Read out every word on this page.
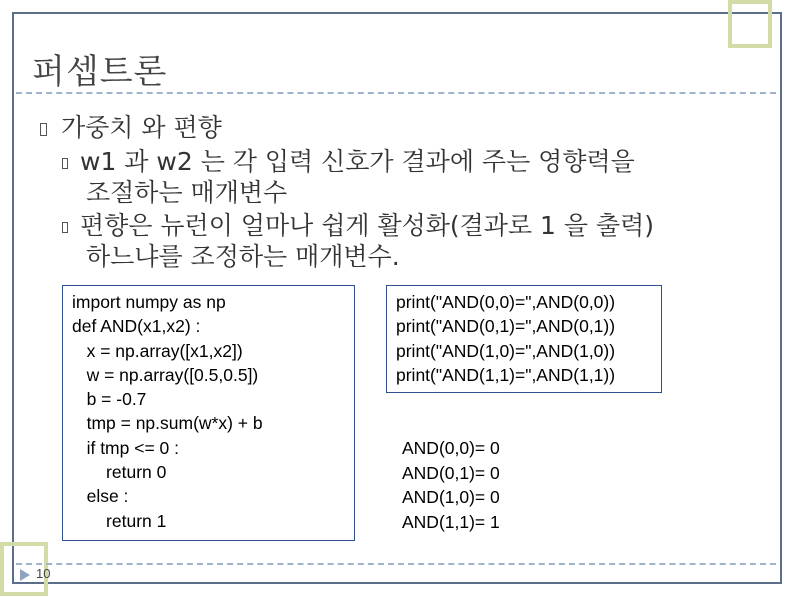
퍼셉트론
가중치 와 편향
w1 과 w2 는 각 입력 신호가 결과에 주는 영향력을
조절하는 매개변수
편향은 뉴런이 얼마나 쉽게 활성화(결과로 1 을 출력)
하느냐를 조정하는 매개변수.
import numpy as np
def AND(x1,x2) :
x = np.array([x1,x2])
w = np.array([0.5,0.5])
b = -0.7
tmp = np.sum(w*x) + b
if tmp <= 0 :
return 0
else :
return 1
print("AND(0,0)=",AND(0,0))
print("AND(0,1)=",AND(0,1))
print("AND(1,0)=",AND(1,0))
print("AND(1,1)=",AND(1,1))
AND(0,0)= 0
AND(0,1)= 0
AND(1,0)= 0
AND(1,1)= 1
10
